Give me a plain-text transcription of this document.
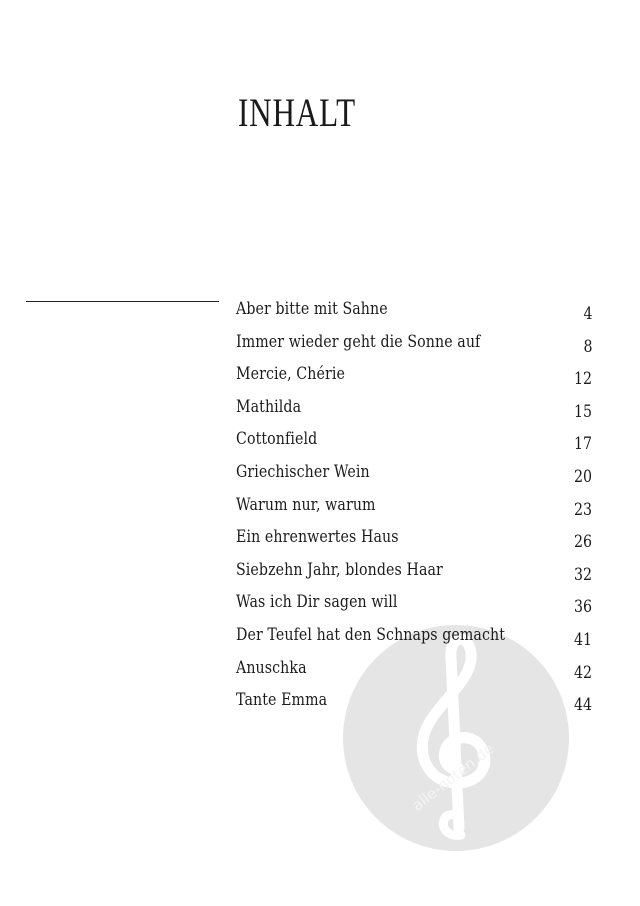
alle-noten.de
INHALT
Aber bitte mit Sahne	4
Immer wieder geht die Sonne auf	8
Mercie, Chérie	12
Mathilda	15
Cottonfield	17
Griechischer Wein	20
Warum nur, warum	23
Ein ehrenwertes Haus	26
Siebzehn Jahr, blondes Haar	32
Was ich Dir sagen will	36
Der Teufel hat den Schnaps gemacht	41
Anuschka	42
Tante Emma	44
